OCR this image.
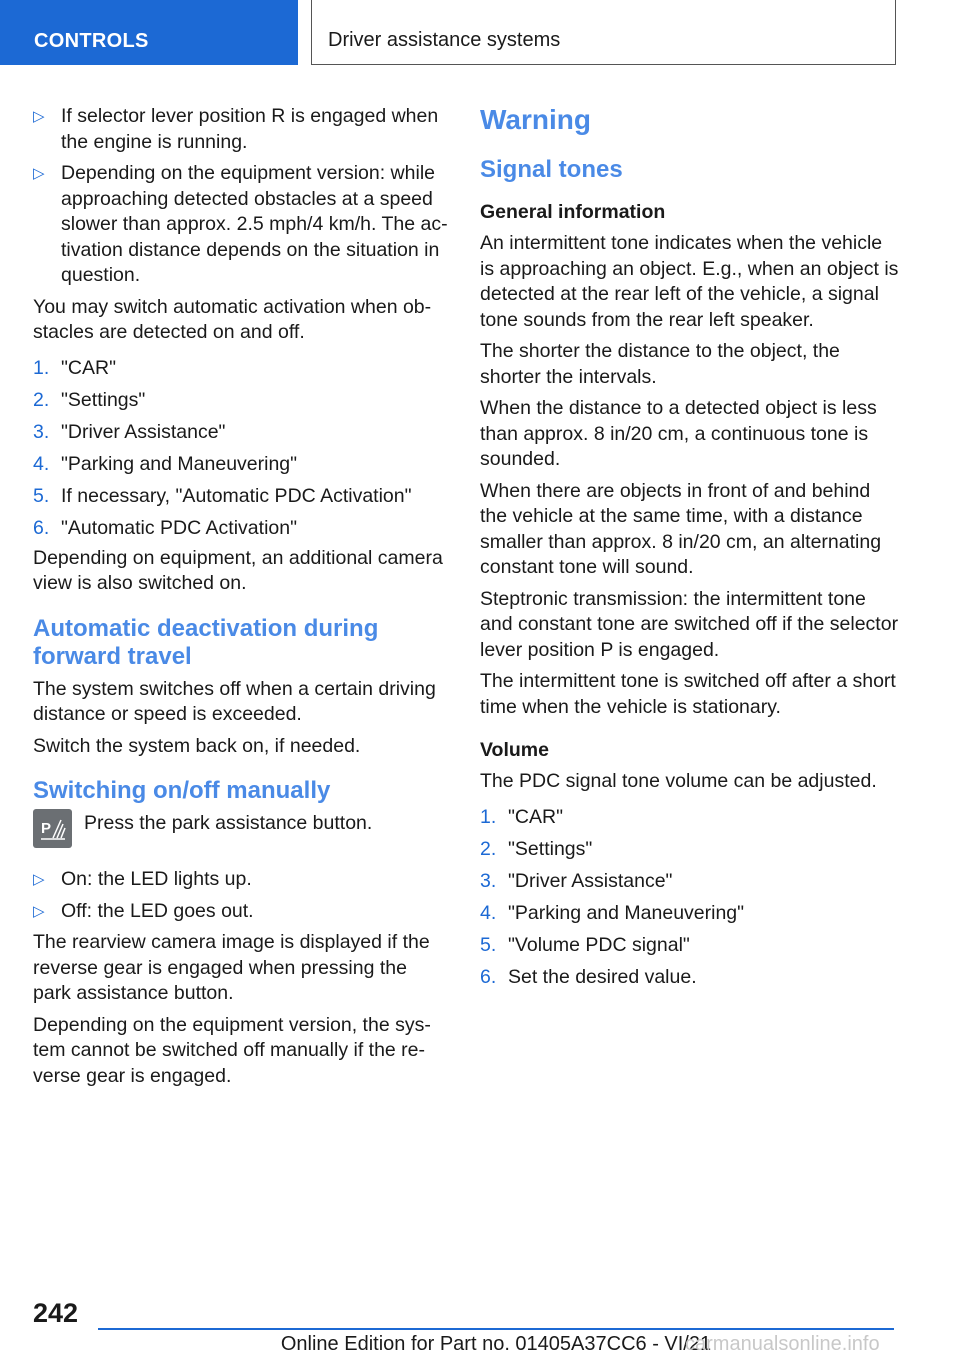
CONTROLS	Driver assistance systems
▷ If selector lever position R is engaged when the engine is running.
▷ Depending on the equipment version: while approaching detected obstacles at a speed slower than approx. 2.5 mph/4 km/h. The activation distance depends on the situation in question.

You may switch automatic activation when obstacles are detected on and off.

1. "CAR"
2. "Settings"
3. "Driver Assistance"
4. "Parking and Maneuvering"
5. If necessary, "Automatic PDC Activation"
6. "Automatic PDC Activation"

Depending on equipment, an additional camera view is also switched on.

Automatic deactivation during forward travel

The system switches off when a certain driving distance or speed is exceeded.

Switch the system back on, if needed.

Switching on/off manually
P Press the park assistance button.
▷ On: the LED lights up.
▷ Off: the LED goes out.

The rearview camera image is displayed if the reverse gear is engaged when pressing the park assistance button.

Depending on the equipment version, the system cannot be switched off manually if the reverse gear is engaged.

Warning
Signal tones
General information

An intermittent tone indicates when the vehicle is approaching an object. E.g., when an object is detected at the rear left of the vehicle, a signal tone sounds from the rear left speaker.

The shorter the distance to the object, the shorter the intervals.

When the distance to a detected object is less than approx. 8 in/20 cm, a continuous tone is sounded.

When there are objects in front of and behind the vehicle at the same time, with a distance smaller than approx. 8 in/20 cm, an alternating constant tone will sound.

Steptronic transmission: the intermittent tone and constant tone are switched off if the selector lever position P is engaged.

The intermittent tone is switched off after a short time when the vehicle is stationary.

Volume

The PDC signal tone volume can be adjusted.

1. "CAR"
2. "Settings"
3. "Driver Assistance"
4. "Parking and Maneuvering"
5. "Volume PDC signal"
6. Set the desired value.
242
Online Edition for Part no. 01405A37CC6 - VI/21
carmanualsonline.info
